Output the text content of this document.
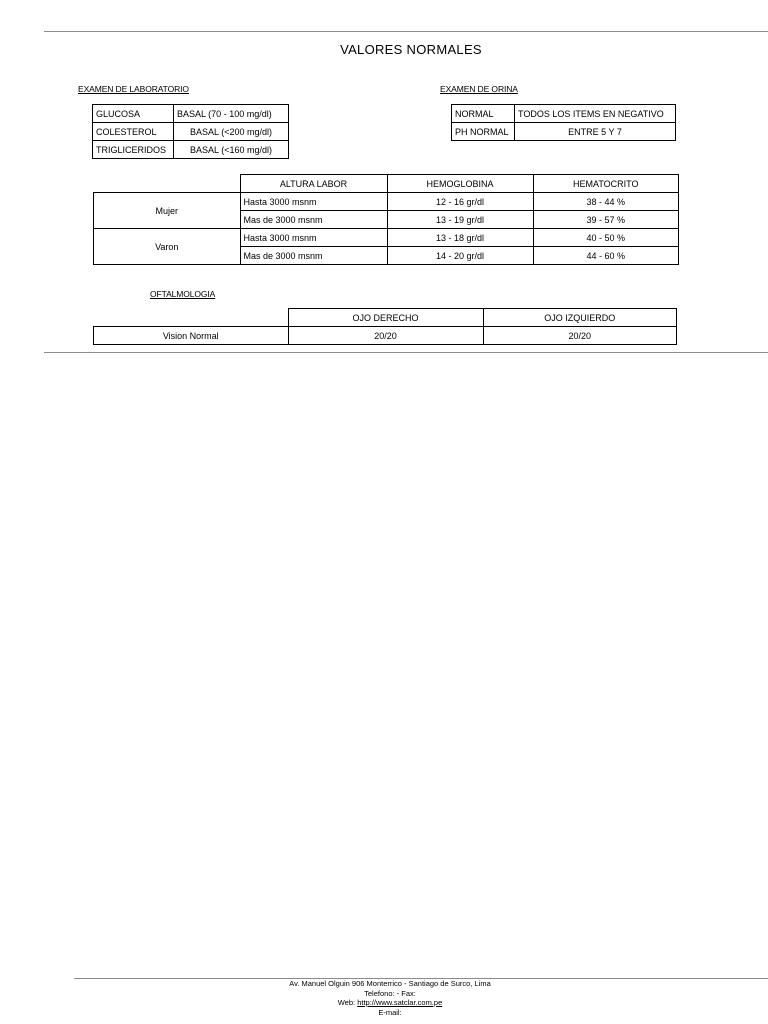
VALORES NORMALES
EXAMEN DE LABORATORIO	EXAMEN DE ORINA
GLUCOSA	BASAL (70 - 100 mg/dl)
COLESTEROL	BASAL (<200 mg/dl)
TRIGLICERIDOS	BASAL (<160 mg/dl)
NORMAL	TODOS LOS ITEMS EN NEGATIVO
PH NORMAL	ENTRE 5 Y 7
	ALTURA LABOR	HEMOGLOBINA	HEMATOCRITO
Mujer	Hasta 3000 msnm	12 - 16 gr/dl	38 - 44 %
	Mas de 3000 msnm	13 - 19 gr/dl	39 - 57 %
Varon	Hasta 3000 msnm	13 - 18 gr/dl	40 - 50 %
	Mas de 3000 msnm	14 - 20 gr/dl	44 - 60 %
OFTALMOLOGIA
	OJO DERECHO	OJO IZQUIERDO
Vision Normal	20/20	20/20
Av. Manuel Olguin 906 Monterrico - Santiago de Surco, Lima
Telefono: - Fax:
Web: http://www.satclar.com.pe
E-mail:
